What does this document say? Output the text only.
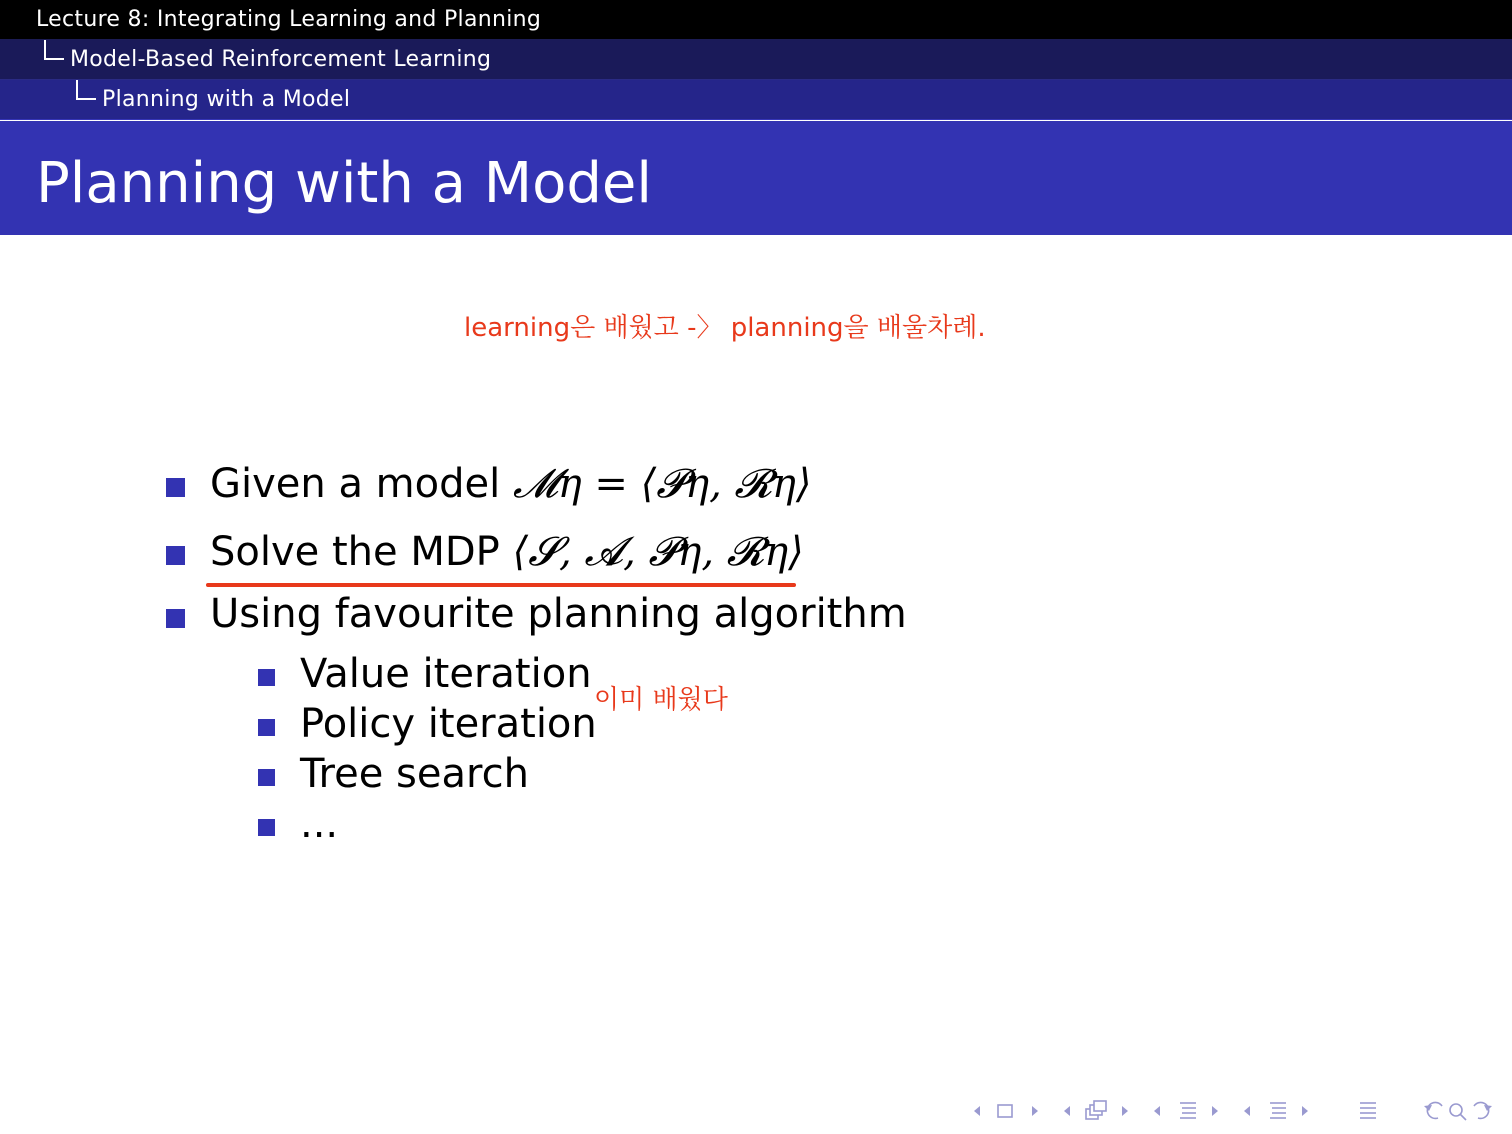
Lecture 8: Integrating Learning and Planning
Model-Based Reinforcement Learning
Planning with a Model
Planning with a Model
learning은 배웠고 -〉 planning을 배울차례.
Given a model 𝓜η = ⟨𝓟η, 𝓡η⟩
Solve the MDP ⟨𝓢, 𝓐, 𝓟η, 𝓡η⟩
Using favourite planning algorithm
Value iteration
Policy iteration
Tree search
...
이미 배웠다
